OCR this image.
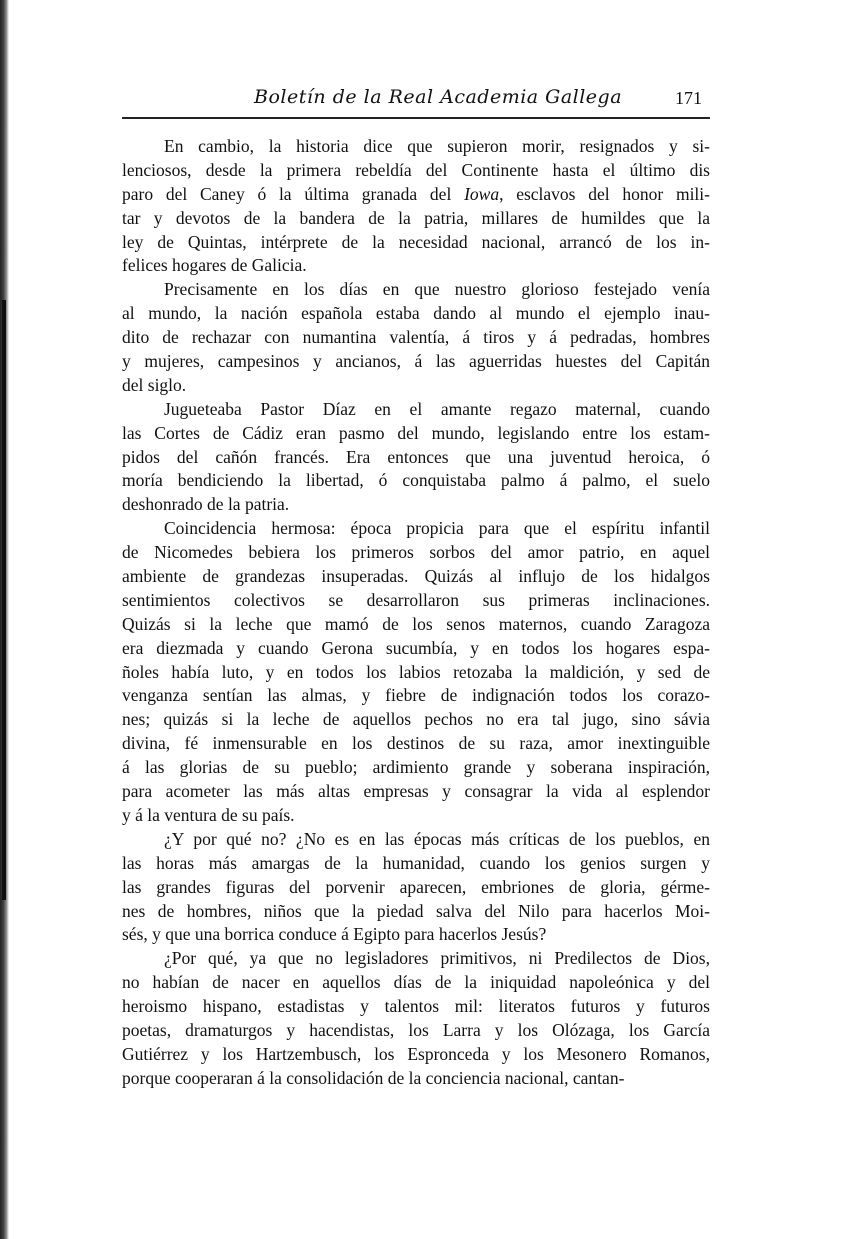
Boletín de la Real Academia Gallega	171
En cambio, la historia dice que supieron morir, resignados y si-
lenciosos, desde la primera rebeldía del Continente hasta el último dis
paro del Caney ó la última granada del Iowa, esclavos del honor mili-
tar y devotos de la bandera de la patria, millares de humildes que la
ley de Quintas, intérprete de la necesidad nacional, arrancó de los in-
felices hogares de Galicia.
Precisamente en los días en que nuestro glorioso festejado venía
al mundo, la nación española estaba dando al mundo el ejemplo inau-
dito de rechazar con numantina valentía, á tiros y á pedradas, hombres
y mujeres, campesinos y ancianos, á las aguerridas huestes del Capitán
del siglo.
Jugueteaba Pastor Díaz en el amante regazo maternal, cuando
las Cortes de Cádiz eran pasmo del mundo, legislando entre los estam-
pidos del cañón francés. Era entonces que una juventud heroica, ó
moría bendiciendo la libertad, ó conquistaba palmo á palmo, el suelo
deshonrado de la patria.
Coincidencia hermosa: época propicia para que el espíritu infantil
de Nicomedes bebiera los primeros sorbos del amor patrio, en aquel
ambiente de grandezas insuperadas. Quizás al influjo de los hidalgos
sentimientos colectivos se desarrollaron sus primeras inclinaciones.
Quizás si la leche que mamó de los senos maternos, cuando Zaragoza
era diezmada y cuando Gerona sucumbía, y en todos los hogares espa-
ñoles había luto, y en todos los labios retozaba la maldición, y sed de
venganza sentían las almas, y fiebre de indignación todos los corazo-
nes; quizás si la leche de aquellos pechos no era tal jugo, sino sávia
divina, fé inmensurable en los destinos de su raza, amor inextinguible
á las glorias de su pueblo; ardimiento grande y soberana inspiración,
para acometer las más altas empresas y consagrar la vida al esplendor
y á la ventura de su país.
¿Y por qué no? ¿No es en las épocas más críticas de los pueblos, en
las horas más amargas de la humanidad, cuando los genios surgen y
las grandes figuras del porvenir aparecen, embriones de gloria, gérme-
nes de hombres, niños que la piedad salva del Nilo para hacerlos Moi-
sés, y que una borrica conduce á Egipto para hacerlos Jesús?
¿Por qué, ya que no legisladores primitivos, ni Predilectos de Dios,
no habían de nacer en aquellos días de la iniquidad napoleónica y del
heroismo hispano, estadistas y talentos mil: literatos futuros y futuros
poetas, dramaturgos y hacendistas, los Larra y los Olózaga, los García
Gutiérrez y los Hartzembusch, los Espronceda y los Mesonero Romanos,
porque cooperaran á la consolidación de la conciencia nacional, cantan-
